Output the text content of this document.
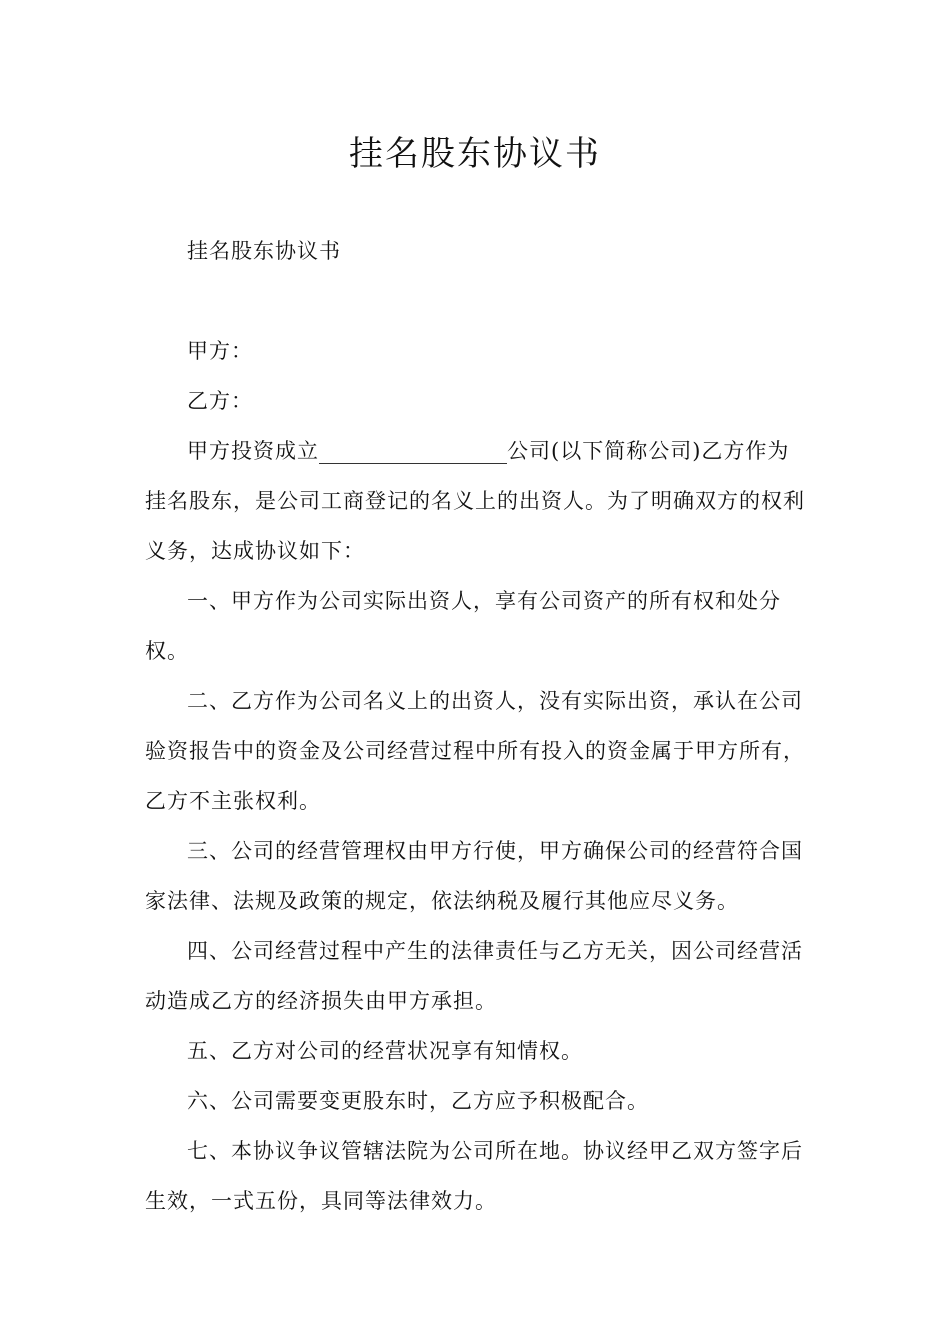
挂名股东协议书

挂名股东协议书

甲方：

乙方：

甲方投资成立	公司(以下简称公司)乙方作为挂名股东，是公司工商登记的名义上的出资人。为了明确双方的权利义务，达成协议如下：

一、甲方作为公司实际出资人，享有公司资产的所有权和处分权。

二、乙方作为公司名义上的出资人，没有实际出资，承认在公司验资报告中的资金及公司经营过程中所有投入的资金属于甲方所有，乙方不主张权利。

三、公司的经营管理权由甲方行使，甲方确保公司的经营符合国家法律、法规及政策的规定，依法纳税及履行其他应尽义务。

四、公司经营过程中产生的法律责任与乙方无关，因公司经营活动造成乙方的经济损失由甲方承担。

五、乙方对公司的经营状况享有知情权。

六、公司需要变更股东时，乙方应予积极配合。

七、本协议争议管辖法院为公司所在地。协议经甲乙双方签字后生效，一式五份，具同等法律效力。
